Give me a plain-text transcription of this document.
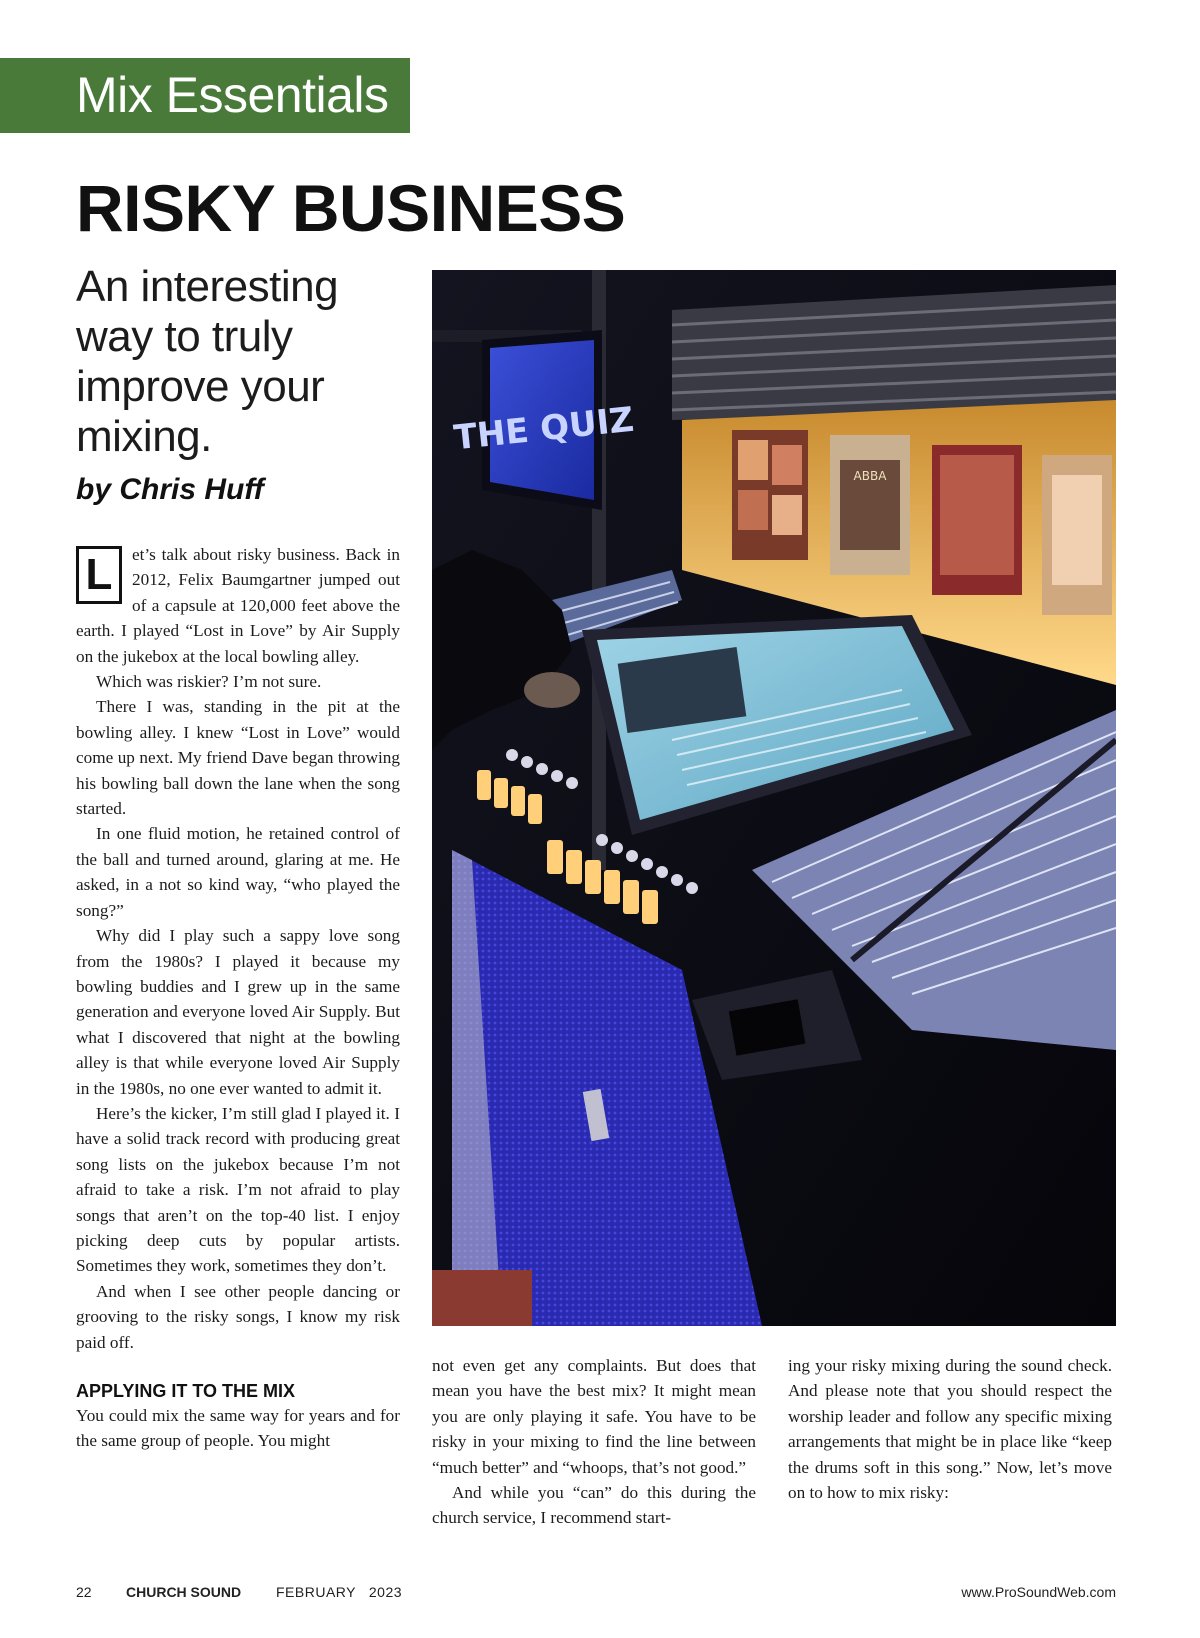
Mix Essentials
RISKY BUSINESS
An interesting way to truly improve your mixing.
by Chris Huff
THE QUIZ
ABBA

L	et’s talk about risky business. Back in 2012, Felix Baumgartner jumped out of a capsule at 120,000 feet above the earth. I played “Lost in Love” by Air Supply on the jukebox at the local bowling alley.

Which was riskier? I’m not sure.

There I was, standing in the pit at the bowling alley. I knew “Lost in Love” would come up next. My friend Dave began throwing his bowling ball down the lane when the song started.

In one fluid motion, he retained control of the ball and turned around, glaring at me. He asked, in a not so kind way, “who played the song?”

Why did I play such a sappy love song from the 1980s? I played it because my bowling buddies and I grew up in the same generation and everyone loved Air Supply. But what I discovered that night at the bowling alley is that while everyone loved Air Supply in the 1980s, no one ever wanted to admit it.

Here’s the kicker, I’m still glad I played it. I have a solid track record with producing great song lists on the jukebox because I’m not afraid to take a risk. I’m not afraid to play songs that aren’t on the top-40 list. I enjoy picking deep cuts by popular artists. Sometimes they work, sometimes they don’t.

And when I see other people dancing or grooving to the risky songs, I know my risk paid off.

APPLYING IT TO THE MIX

You could mix the same way for years and for the same group of people. You might

not even get any complaints. But does that mean you have the best mix? It might mean you are only playing it safe. You have to be risky in your mixing to find the line between “much better” and “whoops, that’s not good.”

And while you “can” do this during the church service, I recommend start-

ing your risky mixing during the sound check. And please note that you should respect the worship leader and follow any specific mixing arrangements that might be in place like “keep the drums soft in this song.” Now, let’s move on to how to mix risky:

22 CHURCH SOUND FEBRUARY   2023	www.ProSoundWeb.com
